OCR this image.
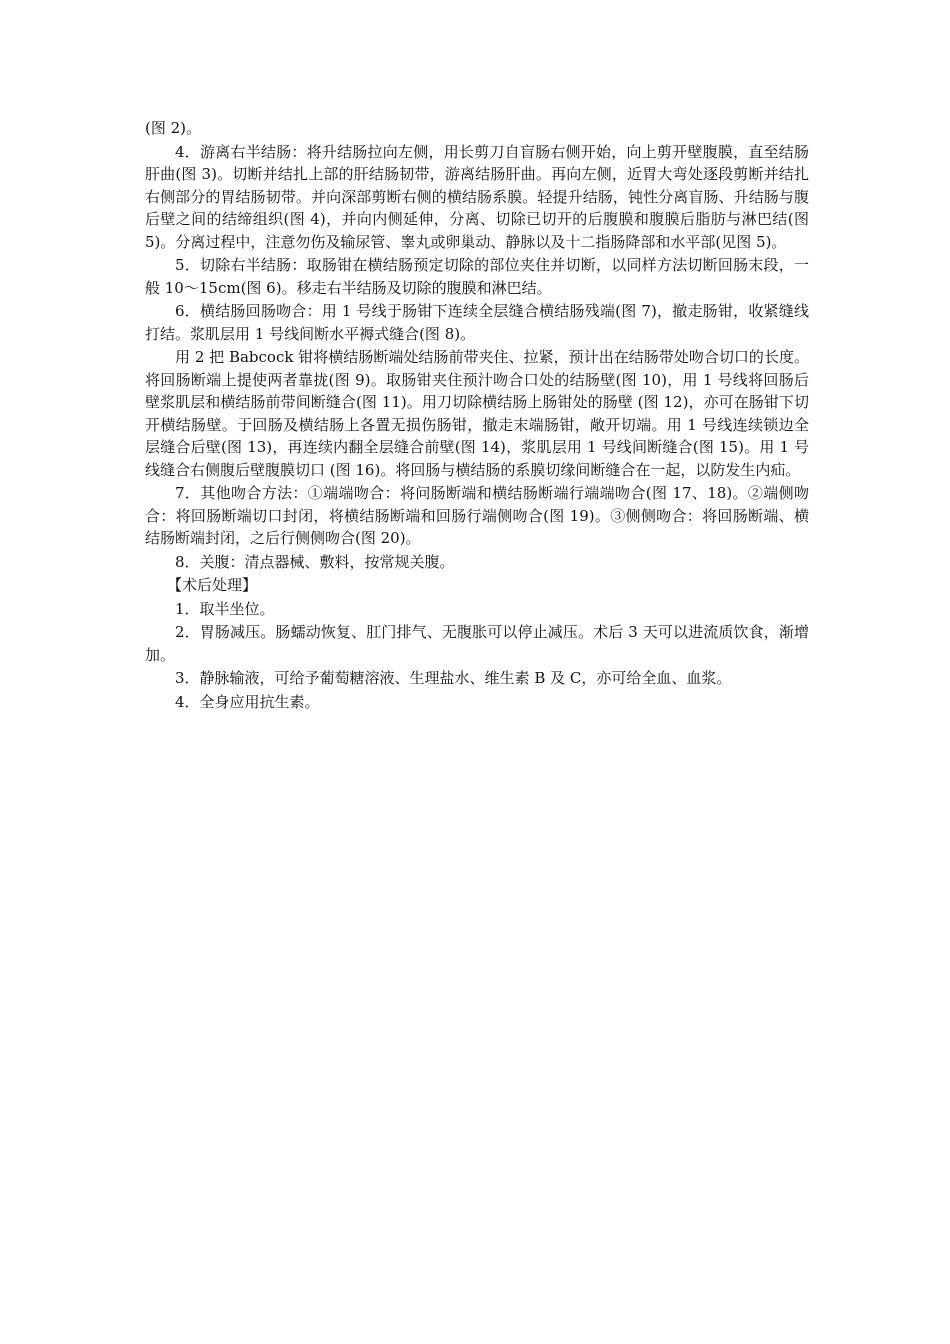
(图 2)。

4．游离右半结肠：将升结肠拉向左侧，用长剪刀自盲肠右侧开始，向上剪开壁腹膜，直至结肠肝曲(图 3)。切断并结扎上部的肝结肠韧带，游离结肠肝曲。再向左侧，近胃大弯处逐段剪断并结扎右侧部分的胃结肠韧带。并向深部剪断右侧的横结肠系膜。轻提升结肠，钝性分离盲肠、升结肠与腹后壁之间的结缔组织(图 4)，并向内侧延伸，分离、切除已切开的后腹膜和腹膜后脂肪与淋巴结(图 5)。分离过程中，注意勿伤及输尿管、睾丸或卵巢动、静脉以及十二指肠降部和水平部(见图 5)。

5．切除右半结肠：取肠钳在横结肠预定切除的部位夹住并切断，以同样方法切断回肠末段，一般 10～15cm(图 6)。移走右半结肠及切除的腹膜和淋巴结。

6．横结肠回肠吻合：用 1 号线于肠钳下连续全层缝合横结肠残端(图 7)，撤走肠钳，收紧缝线打结。浆肌层用 1 号线间断水平褥式缝合(图 8)。

用 2 把 Babcock 钳将横结肠断端处结肠前带夹住、拉紧，预计出在结肠带处吻合切口的长度。将回肠断端上提使两者靠拢(图 9)。取肠钳夹住预汁吻合口处的结肠壁(图 10)，用 1 号线将回肠后壁浆肌层和横结肠前带间断缝合(图 11)。用刀切除横结肠上肠钳处的肠壁 (图 12)，亦可在肠钳下切开横结肠壁。于回肠及横结肠上各置无损伤肠钳，撤走末端肠钳，敞开切端。用 1 号线连续锁边全层缝合后壁(图 13)，再连续内翻全层缝合前壁(图 14)，浆肌层用 1 号线间断缝合(图 15)。用 1 号线缝合右侧腹后壁腹膜切口 (图 16)。将回肠与横结肠的系膜切缘间断缝合在一起，以防发生内疝。

7．其他吻合方法：①端端吻合：将问肠断端和横结肠断端行端端吻合(图 17、18)。②端侧吻合：将回肠断端切口封闭，将横结肠断端和回肠行端侧吻合(图 19)。③侧侧吻合：将回肠断端、横结肠断端封闭，之后行侧侧吻合(图 20)。

8．关腹：清点器械、敷料，按常规关腹。

【术后处理】

1．取半坐位。

2．胃肠减压。肠蠕动恢复、肛门排气、无腹胀可以停止减压。术后 3 天可以进流质饮食，渐增加。

3．静脉输液，可给予葡萄糖溶液、生理盐水、维生素 B 及 C，亦可给全血、血浆。

4．全身应用抗生素。
